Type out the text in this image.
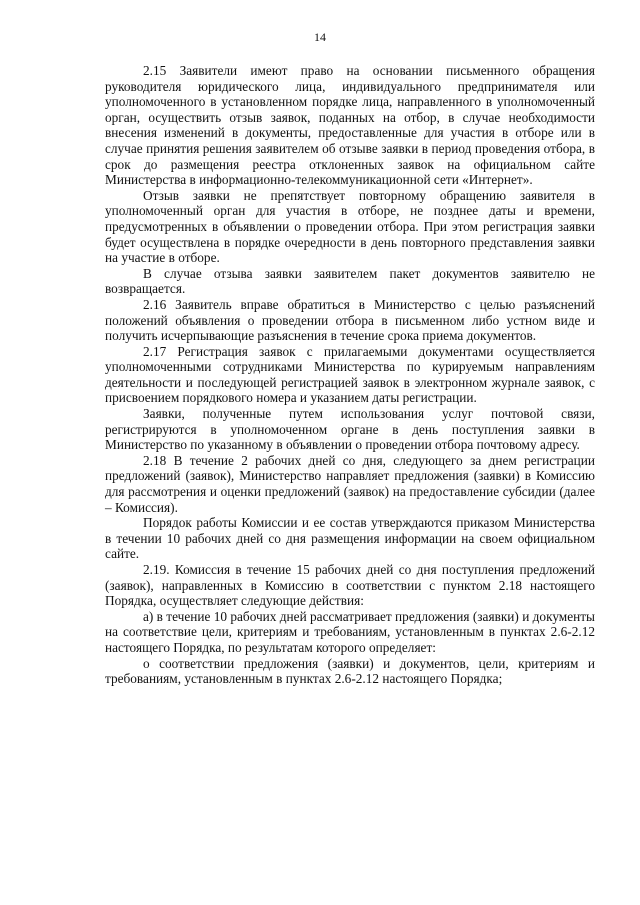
14

2.15 Заявители имеют право на основании письменного обращения руководителя юридического лица, индивидуального предпринимателя или уполномоченного в установленном порядке лица, направленного в уполномоченный орган, осуществить отзыв заявок, поданных на отбор, в случае необходимости внесения изменений в документы, предоставленные для участия в отборе или в случае принятия решения заявителем об отзыве заявки в период проведения отбора, в срок до размещения реестра отклоненных заявок на официальном сайте Министерства в информационно-телекоммуникационной сети «Интернет».

Отзыв заявки не препятствует повторному обращению заявителя в уполномоченный орган для участия в отборе, не позднее даты и времени, предусмотренных в объявлении о проведении отбора. При этом регистрация заявки будет осуществлена в порядке очередности в день повторного представления заявки на участие в отборе.

В случае отзыва заявки заявителем пакет документов заявителю не возвращается.

2.16 Заявитель вправе обратиться в Министерство с целью разъяснений положений объявления о проведении отбора в письменном либо устном виде и получить исчерпывающие разъяснения в течение срока приема документов.

2.17 Регистрация заявок с прилагаемыми документами осуществляется уполномоченными сотрудниками Министерства по курируемым направлениям деятельности и последующей регистрацией заявок в электронном журнале заявок, с присвоением порядкового номера и указанием даты регистрации.

Заявки, полученные путем использования услуг почтовой связи, регистрируются в уполномоченном органе в день поступления заявки в Министерство по указанному в объявлении о проведении отбора почтовому адресу.

2.18 В течение 2 рабочих дней со дня, следующего за днем регистрации предложений (заявок), Министерство направляет предложения (заявки) в Комиссию для рассмотрения и оценки предложений (заявок) на предоставление субсидии (далее – Комиссия).

Порядок работы Комиссии и ее состав утверждаются приказом Министерства в течении 10 рабочих дней со дня размещения информации на своем официальном сайте.

2.19. Комиссия в течение 15 рабочих дней со дня поступления предложений (заявок), направленных в Комиссию в соответствии с пунктом 2.18 настоящего Порядка, осуществляет следующие действия:

а) в течение 10 рабочих дней рассматривает предложения (заявки) и документы на соответствие цели, критериям и требованиям, установленным в пунктах 2.6-2.12 настоящего Порядка, по результатам которого определяет:

о соответствии предложения (заявки) и документов, цели, критериям и требованиям, установленным в пунктах 2.6-2.12 настоящего Порядка;
